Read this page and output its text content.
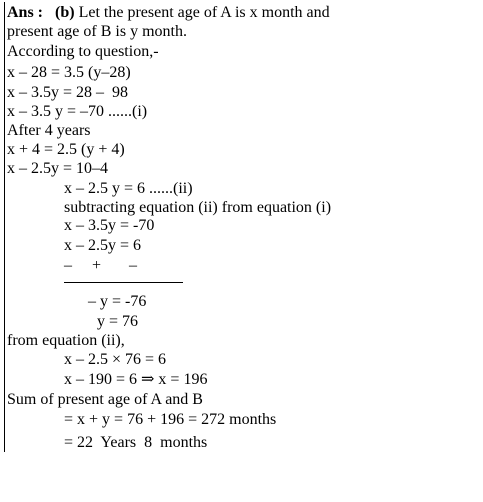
Ans : (b) Let the present age of A is x month and
present age of B is y month.
According to question,-
x – 28 = 3.5 (y–28)
x – 3.5y = 28 –  98
x – 3.5 y = –70 ......(i)
After 4 years
x + 4 = 2.5 (y + 4)
x – 2.5y = 10–4
x – 2.5 y = 6 ......(ii)
subtracting equation (ii) from equation (i)
x – 3.5y = -70
x – 2.5y = 6
–     +       –
– y = -76
y = 76
from equation (ii),
x – 2.5 × 76 = 6
x – 190 = 6 ⇒ x = 196
Sum of present age of A and B
= x + y = 76 + 196 = 272 months
= 22  Years  8  months
